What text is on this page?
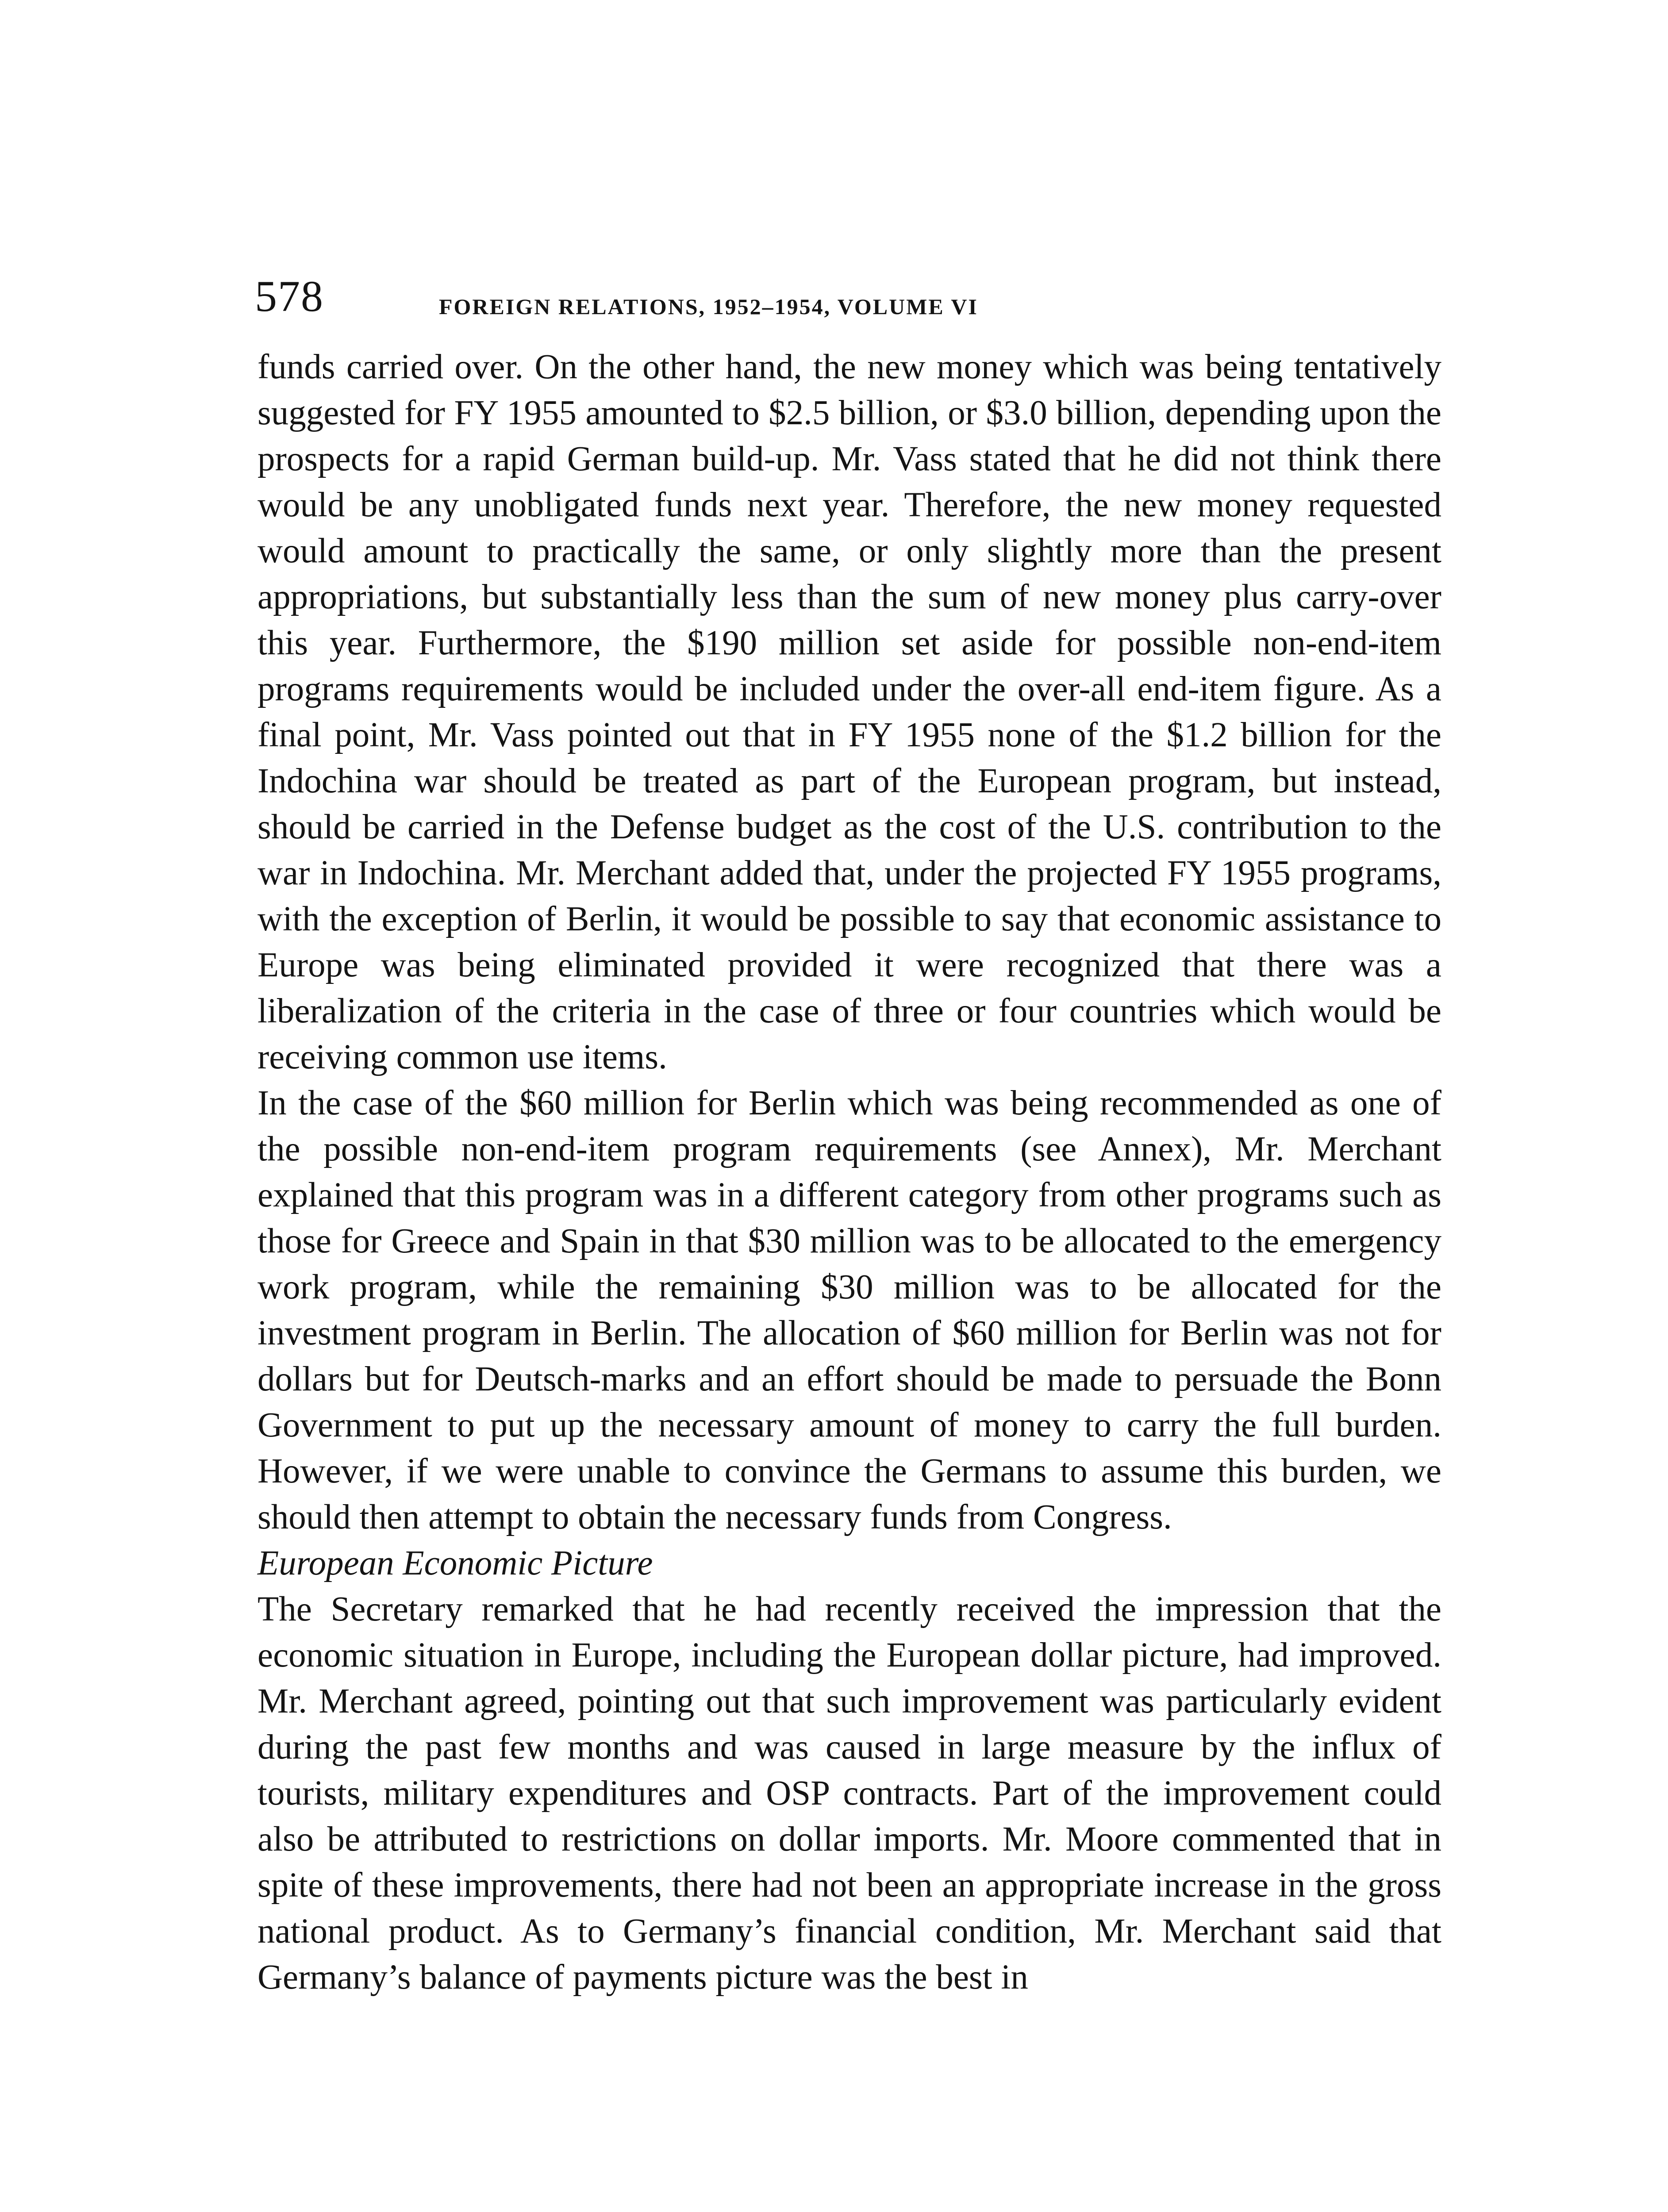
578	FOREIGN RELATIONS, 1952–1954, VOLUME VI

funds carried over. On the other hand, the new money which was being tentatively suggested for FY 1955 amounted to $2.5 billion, or $3.0 billion, depending upon the prospects for a rapid German build-up. Mr. Vass stated that he did not think there would be any unobligated funds next year. Therefore, the new money requested would amount to practically the same, or only slightly more than the present appropriations, but substantially less than the sum of new money plus carry-over this year. Furthermore, the $190 million set aside for possible non-end-item programs requirements would be included under the over-all end-item figure. As a final point, Mr. Vass pointed out that in FY 1955 none of the $1.2 billion for the Indochina war should be treated as part of the European program, but instead, should be carried in the Defense budget as the cost of the U.S. contribution to the war in Indochina. Mr. Merchant added that, under the projected FY 1955 programs, with the exception of Berlin, it would be possible to say that economic assistance to Europe was being eliminated provided it were recognized that there was a liberalization of the criteria in the case of three or four countries which would be receiving common use items.

In the case of the $60 million for Berlin which was being recommended as one of the possible non-end-item program requirements (see Annex), Mr. Merchant explained that this program was in a different category from other programs such as those for Greece and Spain in that $30 million was to be allocated to the emergency work program, while the remaining $30 million was to be allocated for the investment program in Berlin. The allocation of $60 million for Berlin was not for dollars but for Deutsch-marks and an effort should be made to persuade the Bonn Government to put up the necessary amount of money to carry the full burden. However, if we were unable to convince the Germans to assume this burden, we should then attempt to obtain the necessary funds from Congress.

European Economic Picture

The Secretary remarked that he had recently received the impression that the economic situation in Europe, including the European dollar picture, had improved. Mr. Merchant agreed, pointing out that such improvement was particularly evident during the past few months and was caused in large measure by the influx of tourists, military expenditures and OSP contracts. Part of the improvement could also be attributed to restrictions on dollar imports. Mr. Moore commented that in spite of these improvements, there had not been an appropriate increase in the gross national product. As to Germany’s financial condition, Mr. Merchant said that Germany’s balance of payments picture was the best in
